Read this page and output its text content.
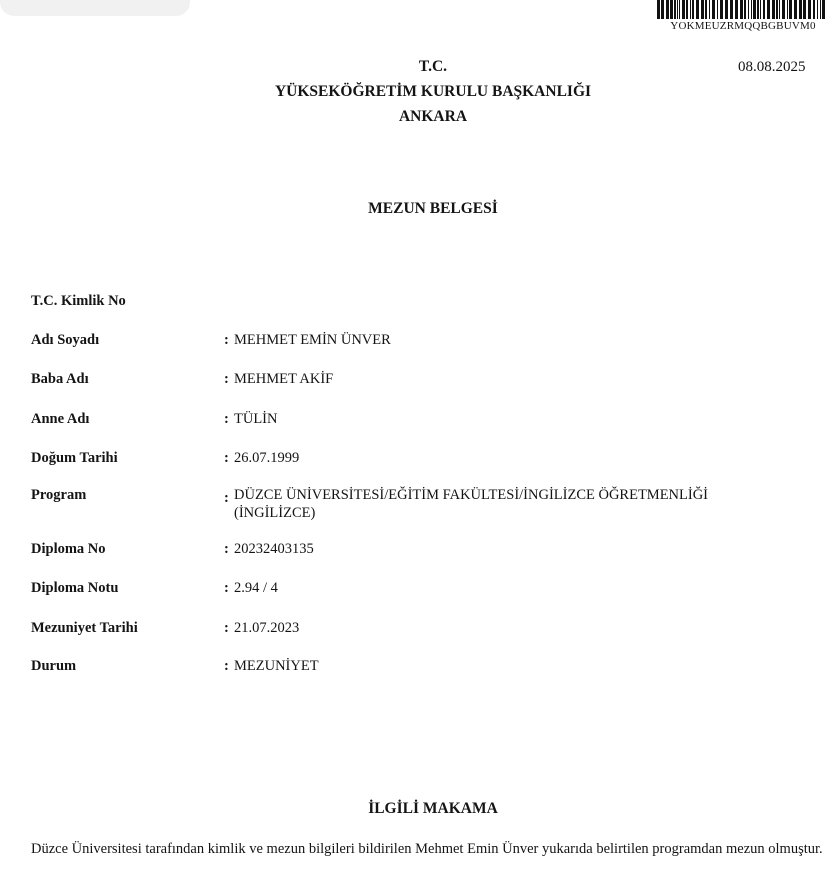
YOKMEUZRMQQBGBUVM0
08.08.2025
T.C.
YÜKSEKÖĞRETİM KURULU BAŞKANLIĞI
ANKARA
MEZUN BELGESİ
T.C. Kimlik No
Adı Soyadı	: MEHMET EMİN ÜNVER
Baba Adı	: MEHMET AKİF
Anne Adı	: TÜLİN
Doğum Tarihi	: 26.07.1999
Program	: DÜZCE ÜNİVERSİTESİ/EĞİTİM FAKÜLTESİ/İNGİLİZCE ÖĞRETMENLİĞİ (İNGİLİZCE)
Diploma No	: 20232403135
Diploma Notu	: 2.94 / 4
Mezuniyet Tarihi	: 21.07.2023
Durum	: MEZUNİYET
İLGİLİ MAKAMA
Düzce Üniversitesi tarafından kimlik ve mezun bilgileri bildirilen Mehmet Emin Ünver yukarıda belirtilen programdan mezun olmuştur.
